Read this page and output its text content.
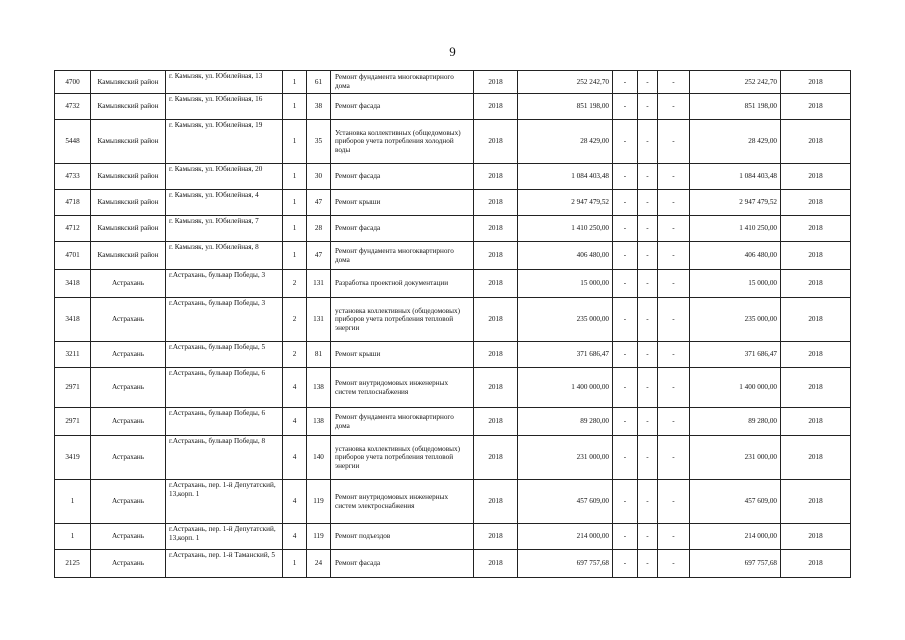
9
4700	Камызякский район	г. Камызяк, ул. Юбилейная, 13	1	61	Ремонт фундамента многоквартирного дома	2018	252 242,70	-	-	-	252 242,70	2018
4732	Камызякский район	г. Камызяк, ул. Юбилейная, 16	1	38	Ремонт фасада	2018	851 198,00	-	-	-	851 198,00	2018
5448	Камызякский район	г. Камызяк, ул. Юбилейная, 19	1	35	Установка коллективных (общедомовых) приборов учета потребления холодной воды	2018	28 429,00	-	-	-	28 429,00	2018
4733	Камызякский район	г. Камызяк, ул. Юбилейная, 20	1	30	Ремонт фасада	2018	1 084 403,48	-	-	-	1 084 403,48	2018
4718	Камызякский район	г. Камызяк, ул. Юбилейная, 4	1	47	Ремонт крыши	2018	2 947 479,52	-	-	-	2 947 479,52	2018
4712	Камызякский район	г. Камызяк, ул. Юбилейная, 7	1	28	Ремонт фасада	2018	1 410 250,00	-	-	-	1 410 250,00	2018
4701	Камызякский район	г. Камызяк, ул. Юбилейная, 8	1	47	Ремонт фундамента многоквартирного дома	2018	406 480,00	-	-	-	406 480,00	2018
3418	Астрахань	г.Астрахань, бульвар Победы, 3	2	131	Разработка проектной документации	2018	15 000,00	-	-	-	15 000,00	2018
3418	Астрахань	г.Астрахань, бульвар Победы, 3	2	131	установка коллективных (общедомовых) приборов учета потребления тепловой энергии	2018	235 000,00	-	-	-	235 000,00	2018
3211	Астрахань	г.Астрахань, бульвар Победы, 5	2	81	Ремонт крыши	2018	371 686,47	-	-	-	371 686,47	2018
2971	Астрахань	г.Астрахань, бульвар Победы, 6	4	138	Ремонт внутридомовых инженерных систем теплоснабжения	2018	1 400 000,00	-	-	-	1 400 000,00	2018
2971	Астрахань	г.Астрахань, бульвар Победы, 6	4	138	Ремонт фундамента многоквартирного дома	2018	89 280,00	-	-	-	89 280,00	2018
3419	Астрахань	г.Астрахань, бульвар Победы, 8	4	140	установка коллективных (общедомовых) приборов учета потребления тепловой энергии	2018	231 000,00	-	-	-	231 000,00	2018
1	Астрахань	г.Астрахань, пер. 1-й Депутатский, 13,корп. 1	4	119	Ремонт внутридомовых инженерных систем электроснабжения	2018	457 609,00	-	-	-	457 609,00	2018
1	Астрахань	г.Астрахань, пер. 1-й Депутатский, 13,корп. 1	4	119	Ремонт подъездов	2018	214 000,00	-	-	-	214 000,00	2018
2125	Астрахань	г.Астрахань, пер. 1-й Таманский, 5	1	24	Ремонт фасада	2018	697 757,68	-	-	-	697 757,68	2018
